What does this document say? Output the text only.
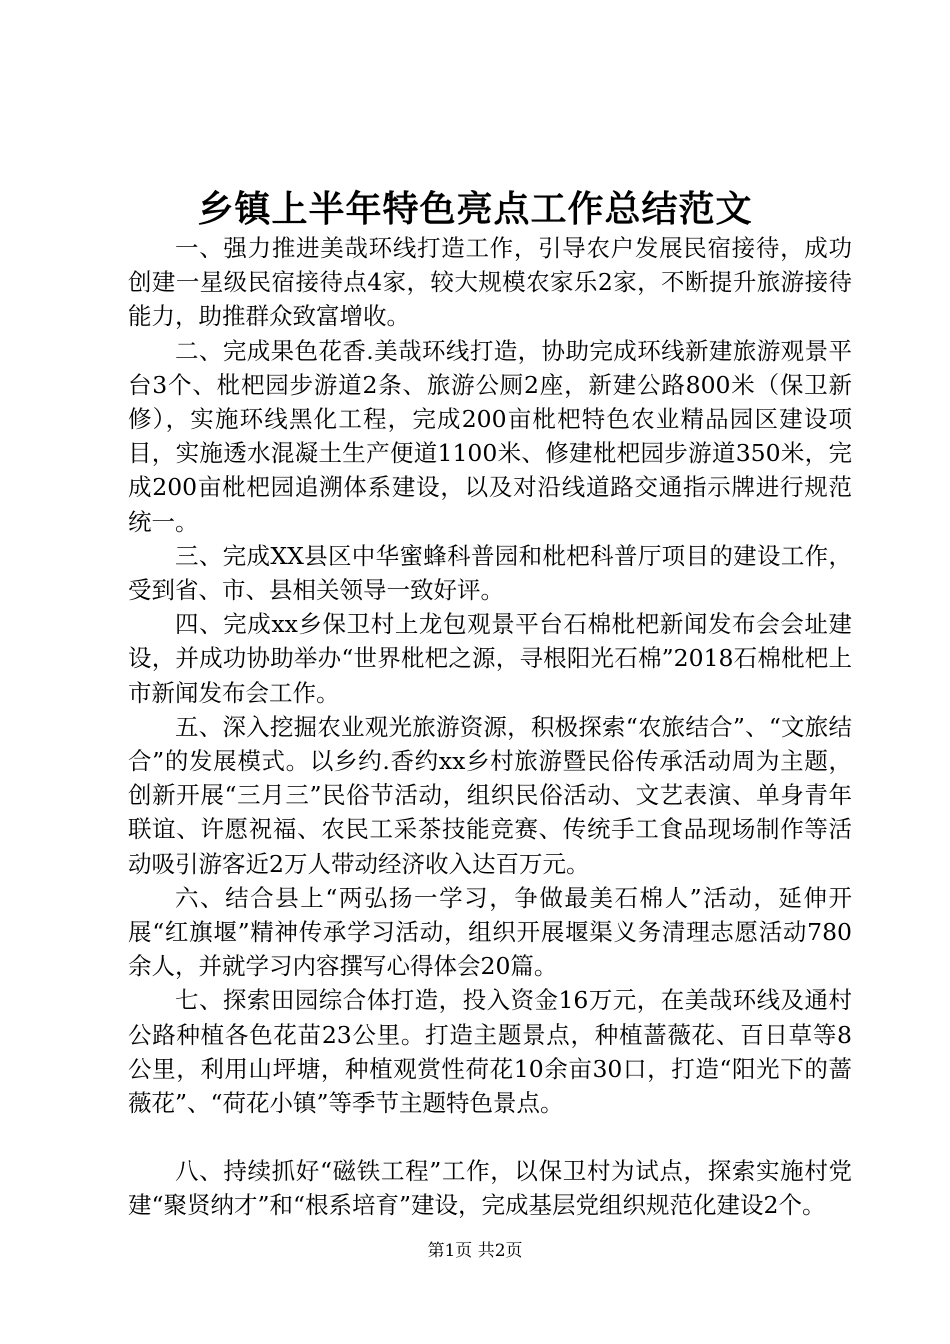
乡镇上半年特色亮点工作总结范文

一、强力推进美哉环线打造工作，引导农户发展民宿接待，成功创建一星级民宿接待点4家，较大规模农家乐2家，不断提升旅游接待能力，助推群众致富增收。

二、完成果色花香.美哉环线打造，协助完成环线新建旅游观景平台3个、枇杷园步游道2条、旅游公厕2座，新建公路800米（保卫新修），实施环线黑化工程，完成200亩枇杷特色农业精品园区建设项目，实施透水混凝土生产便道1100米、修建枇杷园步游道350米，完成200亩枇杷园追溯体系建设，以及对沿线道路交通指示牌进行规范统一。

三、完成XX县区中华蜜蜂科普园和枇杷科普厅项目的建设工作，受到省、市、县相关领导一致好评。

四、完成xx乡保卫村上龙包观景平台石棉枇杷新闻发布会会址建设，并成功协助举办“世界枇杷之源，寻根阳光石棉”2018石棉枇杷上市新闻发布会工作。

五、深入挖掘农业观光旅游资源，积极探索“农旅结合”、“文旅结合”的发展模式。以乡约.香约xx乡村旅游暨民俗传承活动周为主题，创新开展“三月三”民俗节活动，组织民俗活动、文艺表演、单身青年联谊、许愿祝福、农民工采茶技能竞赛、传统手工食品现场制作等活动吸引游客近2万人带动经济收入达百万元。

六、结合县上“两弘扬一学习，争做最美石棉人”活动，延伸开展“红旗堰”精神传承学习活动，组织开展堰渠义务清理志愿活动780余人，并就学习内容撰写心得体会20篇。

七、探索田园综合体打造，投入资金16万元，在美哉环线及通村公路种植各色花苗23公里。打造主题景点，种植蔷薇花、百日草等8公里，利用山坪塘，种植观赏性荷花10余亩30口，打造“阳光下的蔷薇花”、“荷花小镇”等季节主题特色景点。

八、持续抓好“磁铁工程”工作，以保卫村为试点，探索实施村党建“聚贤纳才”和“根系培育”建设，完成基层党组织规范化建设2个。

第1页 共2页
